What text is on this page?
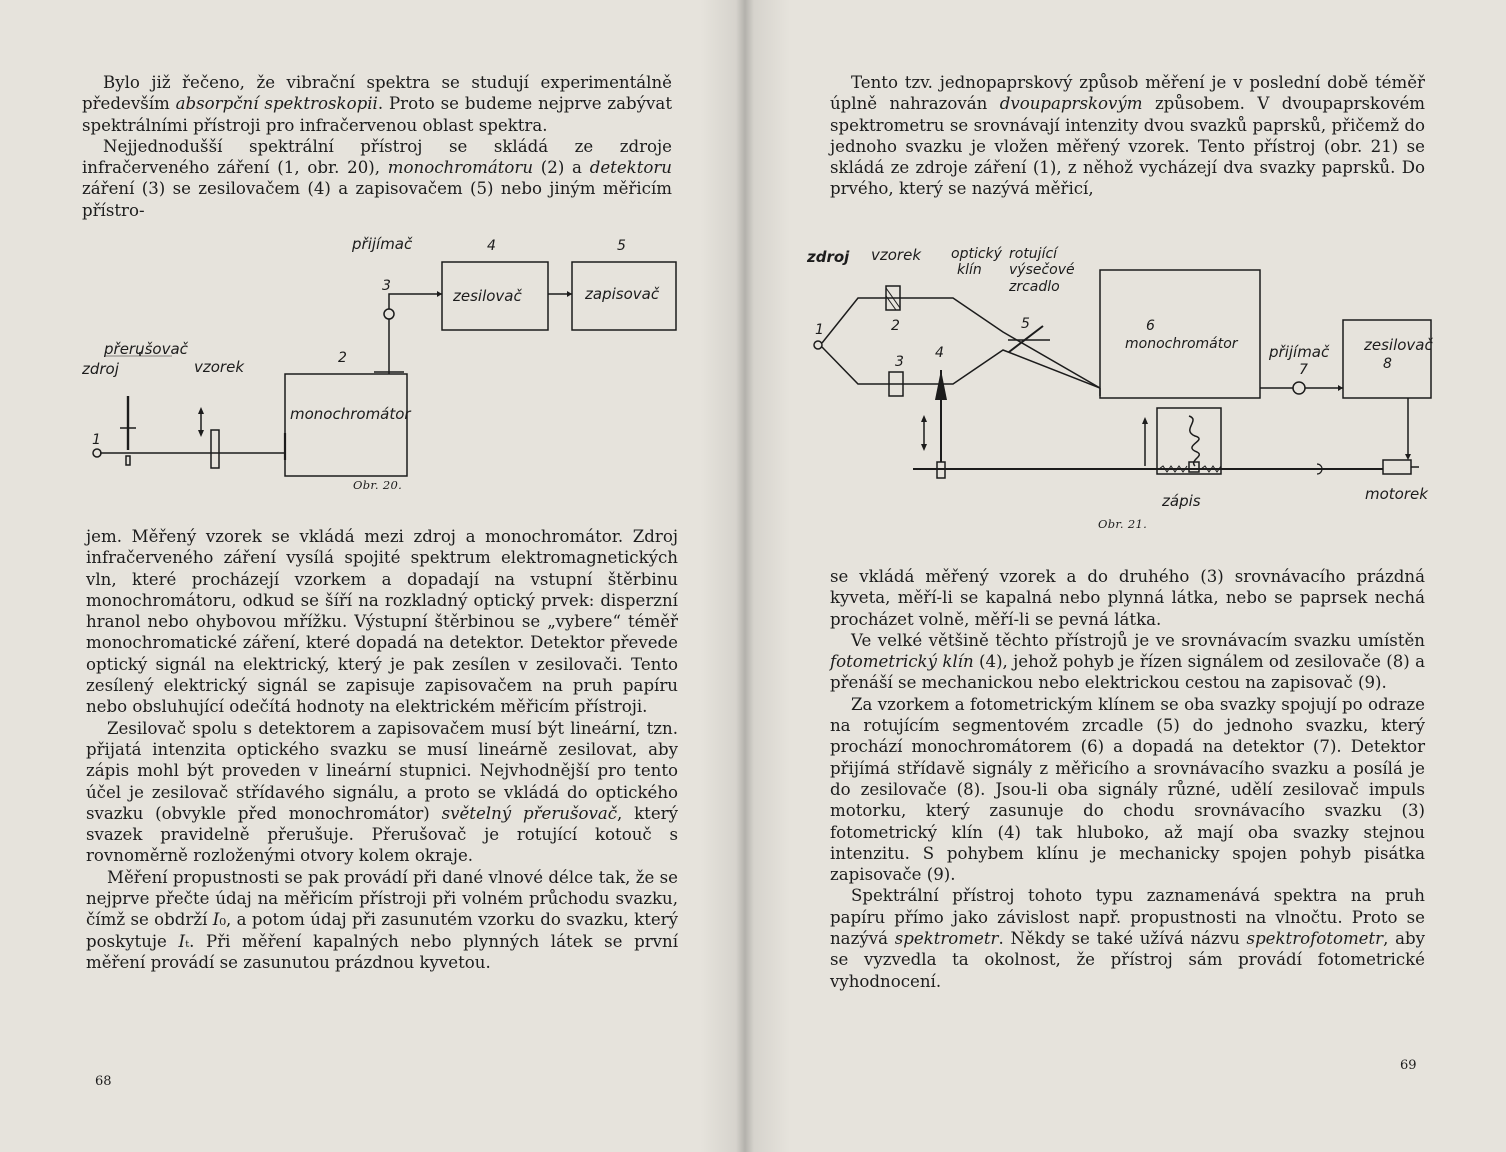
Bylo již řečeno, že vibrační spektra se studují experimentálně především absorpční spektroskopii. Proto se budeme nejprve zabývat spektrálními přístroji pro infračervenou oblast spektra.

Nejjednodušší spektrální přístroj se skládá ze zdroje infračerveného záření (1, obr. 20), monochromátoru (2) a detektoru záření (3) se zesilovačem (4) a zapisovačem (5) nebo jiným měřicím přístro-

přijímač	4	5
3
2
1
zesilovač	zapisovač
přerušovač
zdroj	vzorek
monochromátor
Obr. 20.

jem. Měřený vzorek se vkládá mezi zdroj a monochromátor. Zdroj infračerveného záření vysílá spojité spektrum elektromagnetických vln, které procházejí vzorkem a dopadají na vstupní štěrbinu monochromátoru, odkud se šíří na rozkladný optický prvek: disperzní hranol nebo ohybovou mřížku. Výstupní štěrbinou se „vybere“ téměř monochromatické záření, které dopadá na detektor. Detektor převede optický signál na elektrický, který je pak zesílen v zesilovači. Tento zesílený elektrický signál se zapisuje zapisovačem na pruh papíru nebo obsluhující odečítá hodnoty na elektrickém měřicím přístroji.

Zesilovač spolu s detektorem a zapisovačem musí být lineární, tzn. přijatá intenzita optického svazku se musí lineárně zesilovat, aby zápis mohl být proveden v lineární stupnici. Nejvhodnější pro tento účel je zesilovač střídavého signálu, a proto se vkládá do optického svazku (obvykle před monochromátor) světelný přerušovač, který svazek pravidelně přerušuje. Přerušovač je rotující kotouč s rovnoměrně rozloženými otvory kolem okraje.

Měření propustnosti se pak provádí při dané vlnové délce tak, že se nejprve přečte údaj na měřicím přístroji při volném průchodu svazku, čímž se obdrží I₀, a potom údaj při zasunutém vzorku do svazku, který poskytuje Iₜ. Při měření kapalných nebo plynných látek se první měření provádí se zasunutou prázdnou kyvetou.

68

Tento tzv. jednopaprskový způsob měření je v poslední době téměř úplně nahrazován dvoupaprskovým způsobem. V dvoupaprskovém spektrometru se srovnávají intenzity dvou svazků paprsků, přičemž do jednoho svazku je vložen měřený vzorek. Tento přístroj (obr. 21) se skládá ze zdroje záření (1), z něhož vycházejí dva svazky paprsků. Do prvého, který se nazývá měřicí,

zdroj vzorek optický
klín
rotující
výsečové
zrcadlo
1	2
3
4
5	6
monochromátor přijímač
7
zesilovač
8
zápis	motorek
Obr. 21.

se vkládá měřený vzorek a do druhého (3) srovnávacího prázdná kyveta, měří-li se kapalná nebo plynná látka, nebo se paprsek nechá procházet volně, měří-li se pevná látka.

Ve velké většině těchto přístrojů je ve srovnávacím svazku umístěn fotometrický klín (4), jehož pohyb je řízen signálem od zesilovače (8) a přenáší se mechanickou nebo elektrickou cestou na zapisovač (9).

Za vzorkem a fotometrickým klínem se oba svazky spojují po odraze na rotujícím segmentovém zrcadle (5) do jednoho svazku, který prochází monochromátorem (6) a dopadá na detektor (7). Detektor přijímá střídavě signály z měřicího a srovnávacího svazku a posílá je do zesilovače (8). Jsou-li oba signály různé, udělí zesilovač impuls motorku, který zasunuje do chodu srovnávacího svazku (3) fotometrický klín (4) tak hluboko, až mají oba svazky stejnou intenzitu. S pohybem klínu je mechanicky spojen pohyb pisátka zapisovače (9).

Spektrální přístroj tohoto typu zaznamenává spektra na pruh papíru přímo jako závislost např. propustnosti na vlnočtu. Proto se nazývá spektrometr. Někdy se také užívá názvu spektrofotometr, aby se vyzvedla ta okolnost, že přístroj sám provádí fotometrické vyhodnocení.

69
